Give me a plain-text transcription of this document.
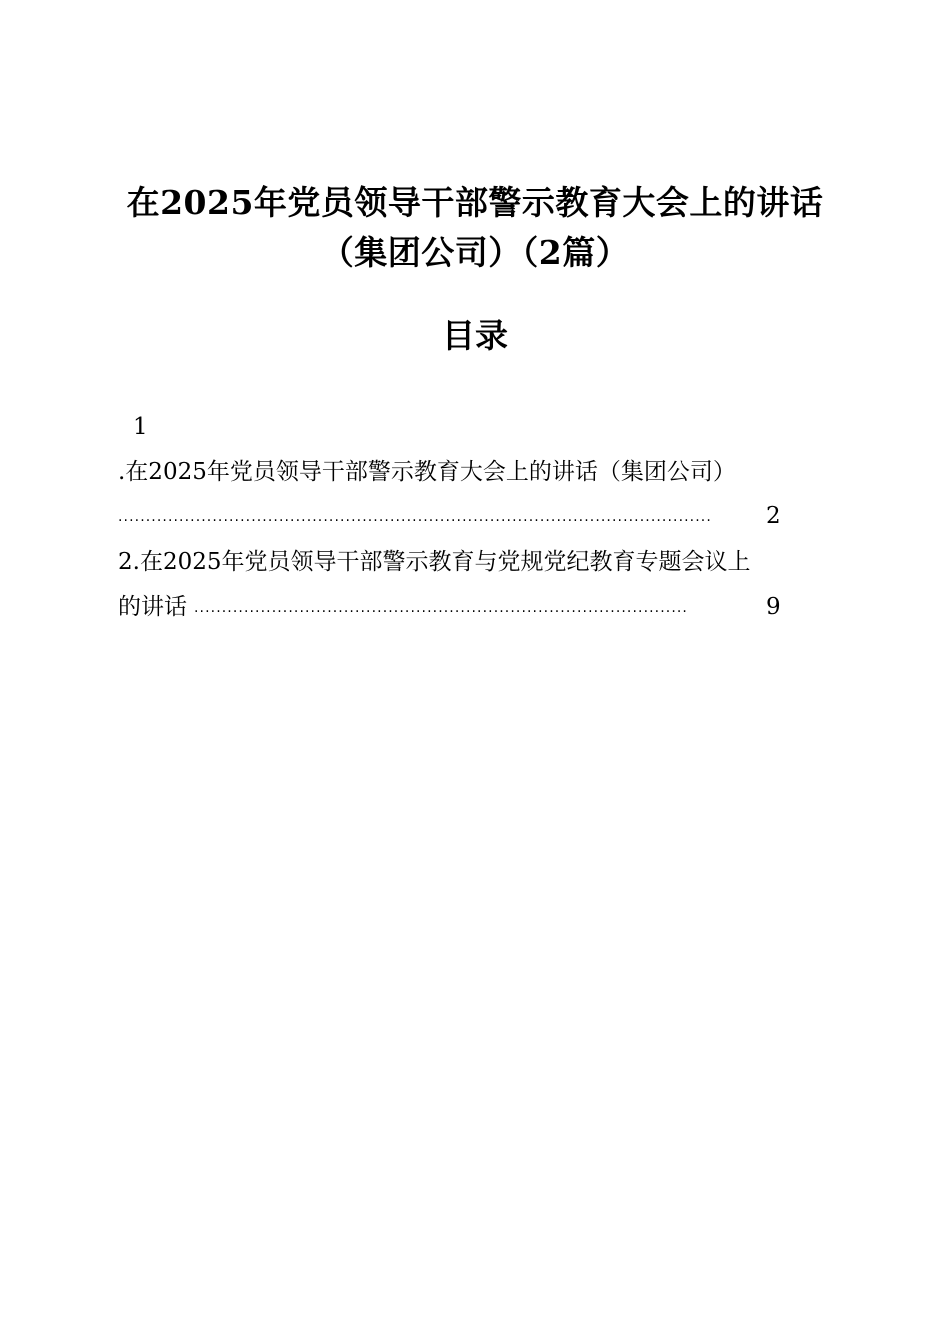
在2025年党员领导干部警示教育大会上的讲话（集团公司）（2篇）
目录
1
.在2025年党员领导干部警示教育大会上的讲话（集团公司）
...........................................................................................................	2
2.在2025年党员领导干部警示教育与党规党纪教育专题会议上
的讲话 .........................................................................................	9
